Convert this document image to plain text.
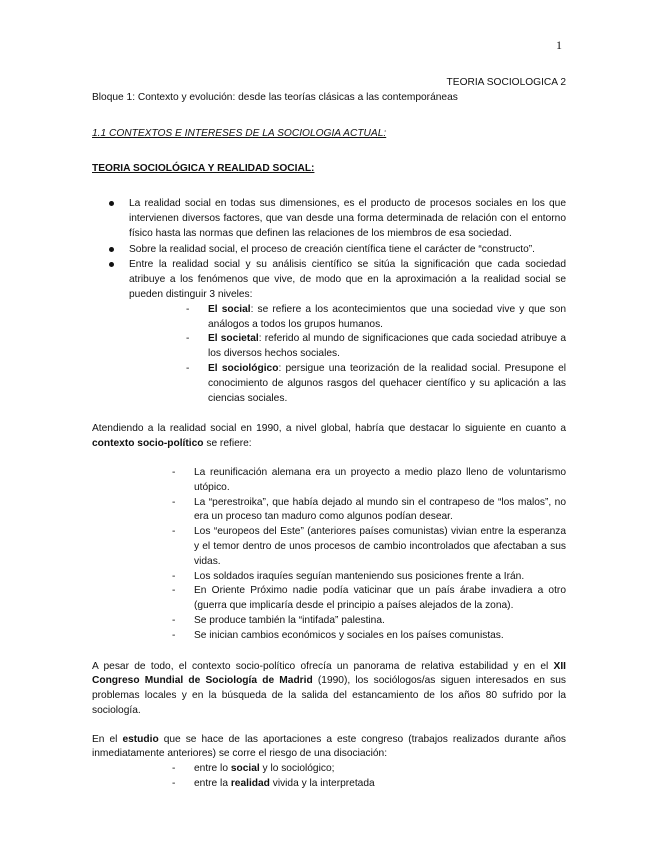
1

TEORIA SOCIOLOGICA 2

Bloque 1: Contexto y evolución: desde las teorías clásicas a las contemporáneas

1.1 CONTEXTOS E INTERESES DE LA SOCIOLOGIA ACTUAL:

TEORIA SOCIOLÓGICA Y REALIDAD SOCIAL:

La realidad social en todas sus dimensiones, es el producto de procesos sociales en los que intervienen diversos factores, que van desde una forma determinada de relación con el entorno físico hasta las normas que definen las relaciones de los miembros de esa sociedad.
Sobre la realidad social, el proceso de creación científica tiene el carácter de “constructo”.
Entre la realidad social y su análisis científico se sitúa la significación que cada sociedad atribuye a los fenómenos que vive, de modo que en la aproximación a la realidad social se pueden distinguir 3 niveles:
- El social: se refiere a los acontecimientos que una sociedad vive y que son análogos a todos los grupos humanos.
- El societal: referido al mundo de significaciones que cada sociedad atribuye a los diversos hechos sociales.
- El sociológico: persigue una teorización de la realidad social. Presupone el conocimiento de algunos rasgos del quehacer científico y su aplicación a las ciencias sociales.

Atendiendo a la realidad social en 1990, a nivel global, habría que destacar lo siguiente en cuanto a contexto socio-político se refiere:

- La reunificación alemana era un proyecto a medio plazo lleno de voluntarismo utópico.
- La “perestroika”, que había dejado al mundo sin el contrapeso de “los malos”, no era un proceso tan maduro como algunos podían desear.
- Los “europeos del Este” (anteriores países comunistas) vivian entre la esperanza y el temor dentro de unos procesos de cambio incontrolados que afectaban a sus vidas.
- Los soldados iraquíes seguían manteniendo sus posiciones frente a Irán.
- En Oriente Próximo nadie podía vaticinar que un país árabe invadiera a otro (guerra que implicaría desde el principio a países alejados de la zona).
- Se produce también la “intifada” palestina.
- Se inician cambios económicos y sociales en los países comunistas.

A pesar de todo, el contexto socio-político ofrecía un panorama de relativa estabilidad y en el XII Congreso Mundial de Sociología de Madrid (1990), los sociólogos/as siguen interesados en sus problemas locales y en la búsqueda de la salida del estancamiento de los años 80 sufrido por la sociología.

En el estudio que se hace de las aportaciones a este congreso (trabajos realizados durante años inmediatamente anteriores) se corre el riesgo de una disociación:

- entre lo social y lo sociológico;
- entre la realidad vivida y la interpretada
